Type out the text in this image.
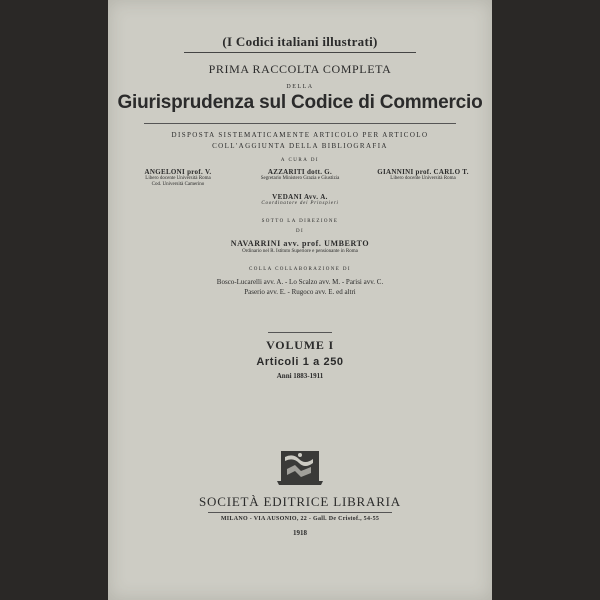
(I Codici italiani illustrati)
PRIMA RACCOLTA COMPLETA
DELLA
Giurisprudenza sul Codice di Commercio
DISPOSTA SISTEMATICAMENTE ARTICOLO PER ARTICOLO
COLL'AGGIUNTA DELLA BIBLIOGRAFIA
A CURA DI
ANGELONI prof. V.
Libero docente Università Roma
Cod. Università Camerino
AZZARITI dott. G.
Segretario Ministero Grazia e Giustizia
GIANNINI prof. CARLO T.
Libero docente Università Roma
VEDANI Avv. A.
Coordinatore dei Prinspieri
SOTTO LA DIREZIONE
DI
NAVARRINI avv. prof. UMBERTO
Ordinario nel R. Istituto Superiore e pensionante in Roma
COLLA COLLABORAZIONE DI
Bosco-Lucarelli avv. A. - Lo Scalzo avv. M. - Parisi avv. C.
Paserio avv. E. - Rugoco avv. E. ed altri
VOLUME I
Articoli 1 a 250
Anni 1883-1911
SOCIETÀ EDITRICE LIBRARIA
MILANO - VIA AUSONIO, 22 - Gall. De Cristof., 54-55
1918
